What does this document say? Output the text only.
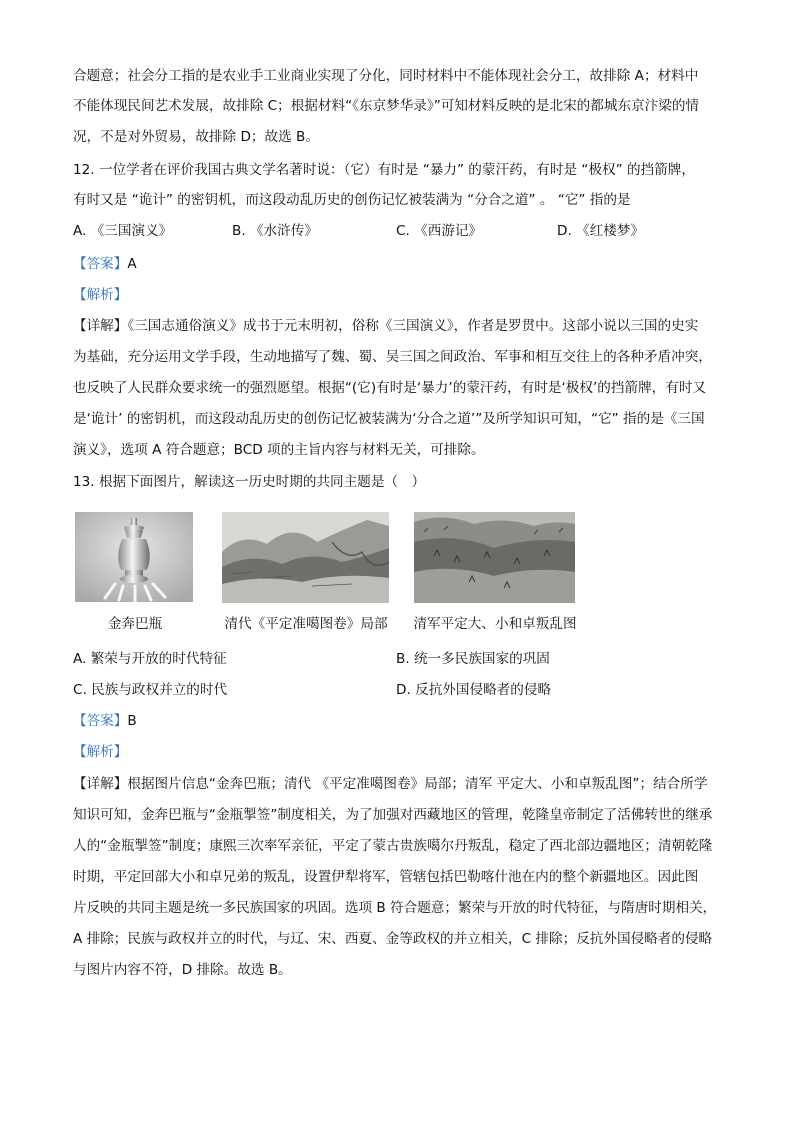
合题意；社会分工指的是农业手工业商业实现了分化，同时材料中不能体现社会分工，故排除 A；材料中
不能体现民间艺术发展，故排除 C；根据材料“《东京梦华录》”可知材料反映的是北宋的都城东京汴梁的情
况，不是对外贸易，故排除 D；故选 B。
12. 一位学者在评价我国古典文学名著时说：（它）有时是 “暴力” 的蒙汗药，有时是 “极权” 的挡箭牌，
有时又是 “诡计” 的密钥机，而这段动乱历史的创伤记忆被装满为 “分合之道” 。 “它” 指的是
A. 《三国演义》	B. 《水浒传》	C. 《西游记》	D. 《红楼梦》
【答案】A
【解析】
【详解】《三国志通俗演义》成书于元末明初，俗称《三国演义》，作者是罗贯中。这部小说以三国的史实
为基础，充分运用文学手段，生动地描写了魏、蜀、吴三国之间政治、军事和相互交往上的各种矛盾冲突，
也反映了人民群众要求统一的强烈愿望。根据“(它)有时是‘暴力’的蒙汗药，有时是‘极权’的挡箭牌，有时又
是‘诡计’ 的密钥机，而这段动乱历史的创伤记忆被装满为‘分合之道’”及所学知识可知，“它” 指的是《三国
演义》，选项 A 符合题意；BCD 项的主旨内容与材料无关，可排除。
13. 根据下面图片，解读这一历史时期的共同主题是（　）
金奔巴瓶	清代《平定准噶图卷》局部	清军平定大、小和卓叛乱图
A. 繁荣与开放的时代特征	B. 统一多民族国家的巩固
C. 民族与政权并立的时代	D. 反抗外国侵略者的侵略
【答案】B
【解析】
【详解】根据图片信息“金奔巴瓶；清代 《平定准噶图卷》局部；清军 平定大、小和卓叛乱图”；结合所学
知识可知，金奔巴瓶与“金瓶掣签”制度相关，为了加强对西藏地区的管理，乾隆皇帝制定了活佛转世的继承
人的“金瓶掣签”制度；康熙三次率军亲征，平定了蒙古贵族噶尔丹叛乱，稳定了西北部边疆地区；清朝乾隆
时期，平定回部大小和卓兄弟的叛乱，设置伊犁将军，管辖包括巴勒喀什池在内的整个新疆地区。因此图
片反映的共同主题是统一多民族国家的巩固。选项 B 符合题意；繁荣与开放的时代特征，与隋唐时期相关，
A 排除；民族与政权并立的时代，与辽、宋、西夏、金等政权的并立相关，C 排除；反抗外国侵略者的侵略
与图片内容不符，D 排除。故选 B。
